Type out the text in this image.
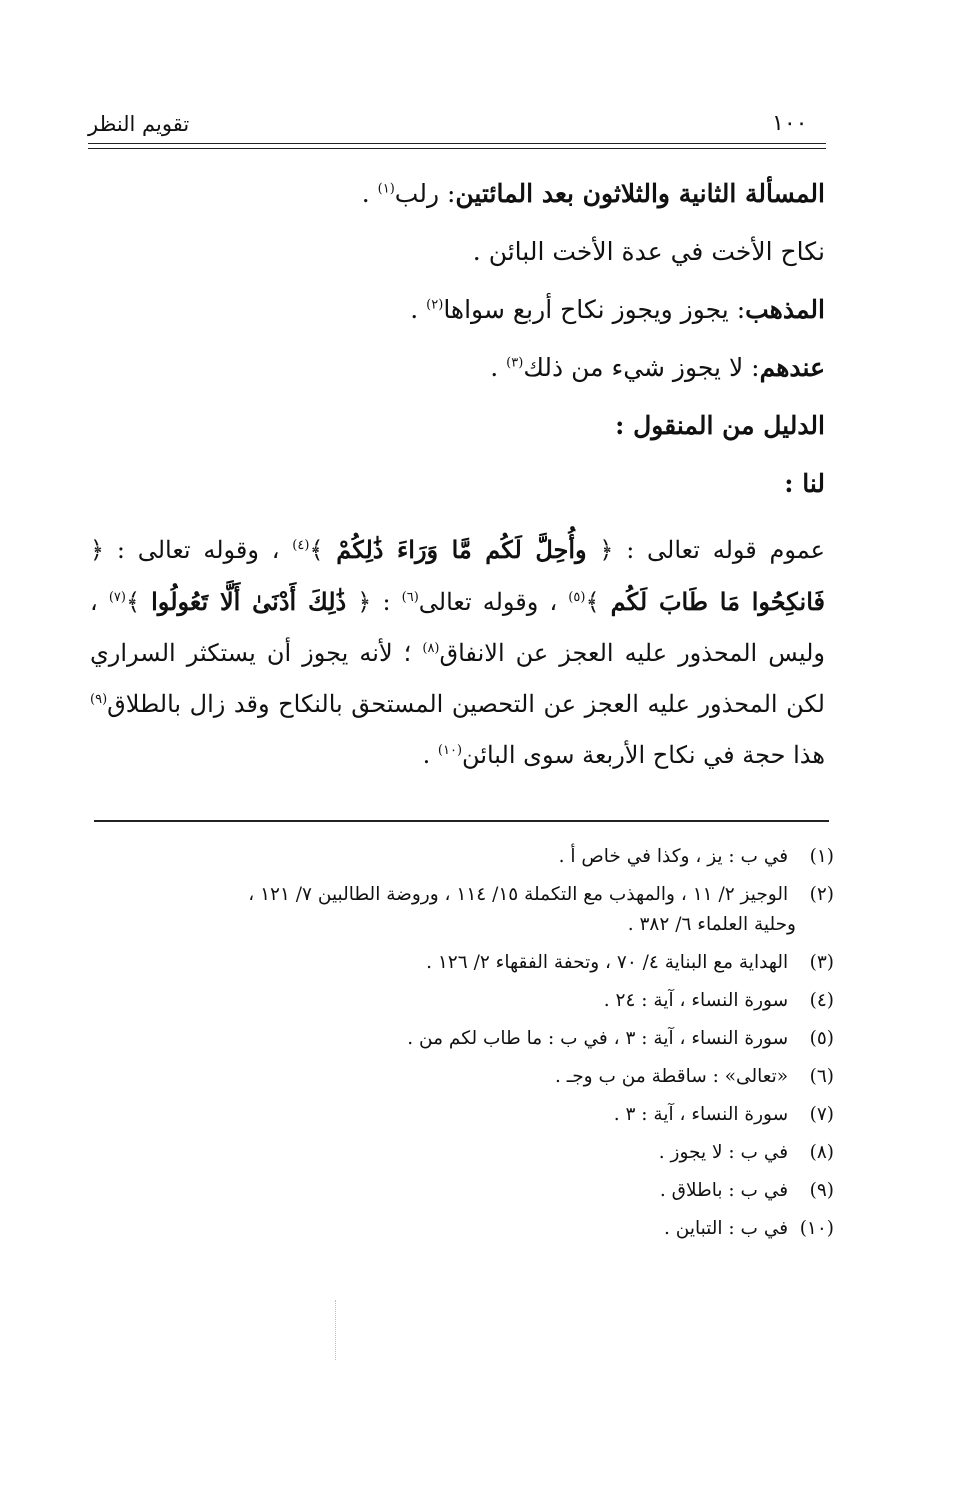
تقويم النظر	١٠٠
المسألة الثانية والثلاثون بعد المائتين: رلب$^{(١)}$ .
نكاح الأخت في عدة الأخت البائن .
المذهب: يجوز ويجوز نكاح أربع سواها$^{(٢)}$ .
عندهم: لا يجوز شيء من ذلك$^{(٣)}$ .
الدليل من المنقول :
لنا :
عموم قوله تعالى : ﴿ وأُحِلَّ لَكُم مَّا وَرَاءَ ذَٰلِكُمْ ﴾$^{(٤)}$ ، وقوله تعالى : ﴿ فَانكِحُوا مَا طَابَ لَكُم ﴾$^{(٥)}$ ، وقوله تعالى$^{(٦)}$ : ﴿ ذَٰلِكَ أَدْنَىٰ أَلَّا تَعُولُوا ﴾$^{(٧)}$ ، وليس المحذور عليه العجز عن الانفاق$^{(٨)}$ ؛ لأنه يجوز أن يستكثر السراري لكن المحذور عليه العجز عن التحصين المستحق بالنكاح وقد زال بالطلاق$^{(٩)}$ هذا حجة في نكاح الأربعة سوى البائن$^{(١٠)}$ .
(١) في ب : يز ، وكذا في خاص أ .
(٢) الوجيز ٢/ ١١ ، والمهذب مع التكملة ١٥/ ١١٤ ، وروضة الطالبين ٧/ ١٢١ ،
وحلية العلماء ٦/ ٣٨٢ .
(٣) الهداية مع البناية ٤/ ٧٠ ، وتحفة الفقهاء ٢/ ١٢٦ .
(٤) سورة النساء ، آية : ٢٤ .
(٥) سورة النساء ، آية : ٣ ، في ب : ما طاب لكم من .
(٦) «تعالى» : ساقطة من ب وجـ .
(٧) سورة النساء ، آية : ٣ .
(٨) في ب : لا يجوز .
(٩) في ب : باطلاق .
(١٠) في ب : التباين .
